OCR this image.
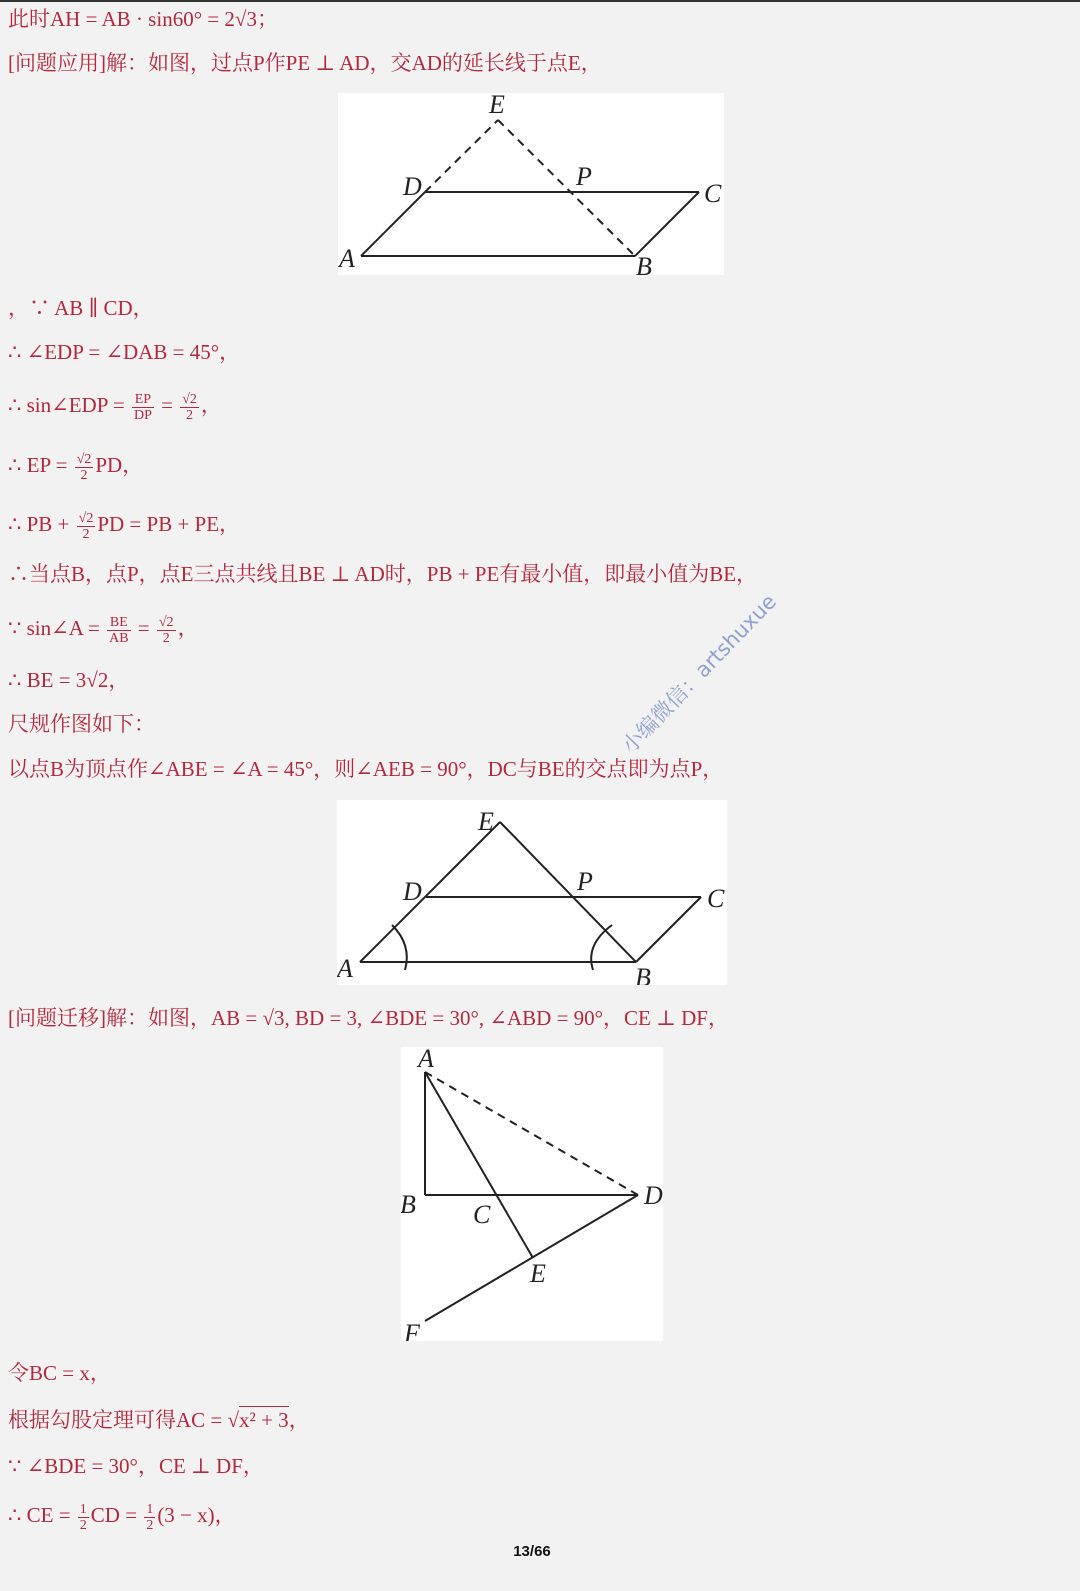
此时AH = AB · sin60° = 2√3；
[问题应用]解：如图，过点P作PE ⊥ AD，交AD的延长线于点E，
E
D	P
C
A	B
，∵ AB ∥ CD，
∴ ∠EDP = ∠DAB = 45°，
∴ sin∠EDP = $\frac{EP}{DP} = \frac{√2}{2}$ ，
∴ EP = $\frac{√2}{2}$ PD，
∴ PB + $\frac{√2}{2}$ PD = PB + PE，
∴当点B，点P，点E三点共线且BE ⊥ AD时，PB + PE有最小值，即最小值为BE，
∵ sin∠A = $\frac{BE}{AB} = \frac{√2}{2}$ ，
∴ BE = 3√2，
尺规作图如下：
以点B为顶点作∠ABE = ∠A = 45°，则∠AEB = 90°，DC与BE的交点即为点P，
E
D	P
C
A	B
小编微信：artshuxue
[问题迁移]解：如图，AB = √3, BD = 3, ∠BDE = 30°, ∠ABD = 90°，CE ⊥ DF，
A
B C
D
E
F
令BC = x，
根据勾股定理可得AC = √x² + 3，
∵ ∠BDE = 30°，CE ⊥ DF，
∴ CE = $\frac{1}{2}$ CD = $\frac{1}{2} (3 - x)$，
13/66
